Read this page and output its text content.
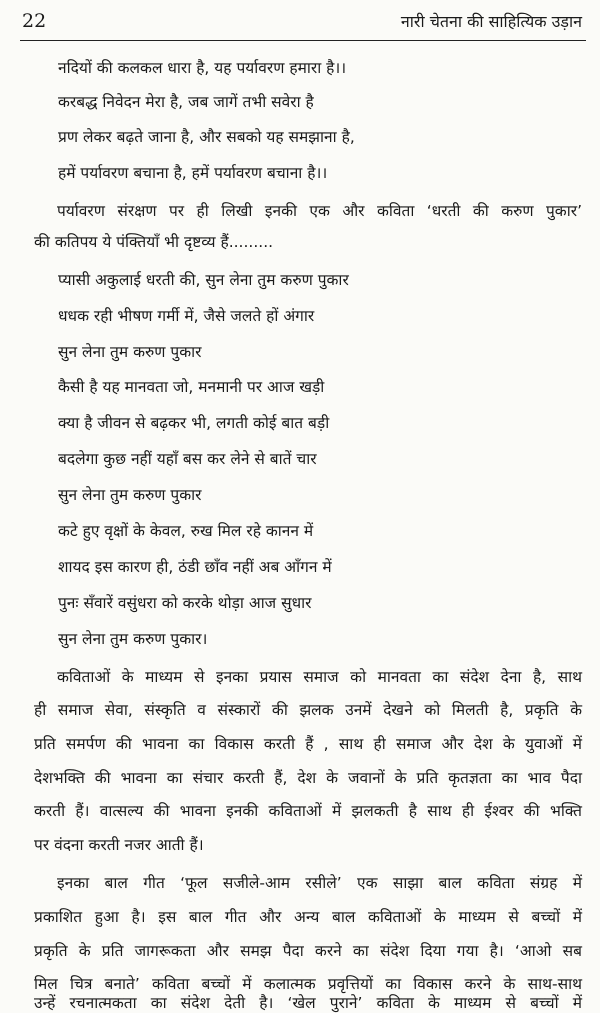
22	नारी चेतना की साहित्यिक उड़ान
नदियों की कलकल धारा है, यह पर्यावरण हमारा है।।
करबद्ध निवेदन मेरा है, जब जागें तभी सवेरा है
प्रण लेकर बढ़ते जाना है, और सबको यह समझाना है,
हमें पर्यावरण बचाना है, हमें पर्यावरण बचाना है।।
पर्यावरण संरक्षण पर ही लिखी इनकी एक और कविता ‘धरती की करुण पुकार’
की कतिपय ये पंक्तियाँ भी दृष्टव्य हैं.........
प्यासी अकुलाई धरती की, सुन लेना तुम करुण पुकार
धधक रही भीषण गर्मी में, जैसे जलते हों अंगार
सुन लेना तुम करुण पुकार
कैसी है यह मानवता जो, मनमानी पर आज खड़ी
क्या है जीवन से बढ़कर भी, लगती कोई बात बड़ी
बदलेगा कुछ नहीं यहाँ बस कर लेने से बातें चार
सुन लेना तुम करुण पुकार
कटे हुए वृक्षों के केवल, रुख मिल रहे कानन में
शायद इस कारण ही, ठंडी छाँव नहीं अब आँगन में
पुनः सँवारें वसुंधरा को करके थोड़ा आज सुधार
सुन लेना तुम करुण पुकार।
कविताओं के माध्यम से इनका प्रयास समाज को मानवता का संदेश देना है, साथ
ही समाज सेवा, संस्कृति व संस्कारों की झलक उनमें देखने को मिलती है, प्रकृति के
प्रति समर्पण की भावना का विकास करती हैं , साथ ही समाज और देश के युवाओं में
देशभक्ति की भावना का संचार करती हैं, देश के जवानों के प्रति कृतज्ञता का भाव पैदा
करती हैं। वात्सल्य की भावना इनकी कविताओं में झलकती है साथ ही ईश्वर की भक्ति
पर वंदना करती नजर आती हैं।
इनका बाल गीत ‘फूल सजीले-आम रसीले’ एक साझा बाल कविता संग्रह में
प्रकाशित हुआ है। इस बाल गीत और अन्य बाल कविताओं के माध्यम से बच्चों में
प्रकृति के प्रति जागरूकता और समझ पैदा करने का संदेश दिया गया है। ‘आओ सब
मिल चित्र बनाते’ कविता बच्चों में कलात्मक प्रवृत्तियों का विकास करने के साथ-साथ
उन्हें रचनात्मकता का संदेश देती है। ‘खेल पुराने’ कविता के माध्यम से बच्चों में
